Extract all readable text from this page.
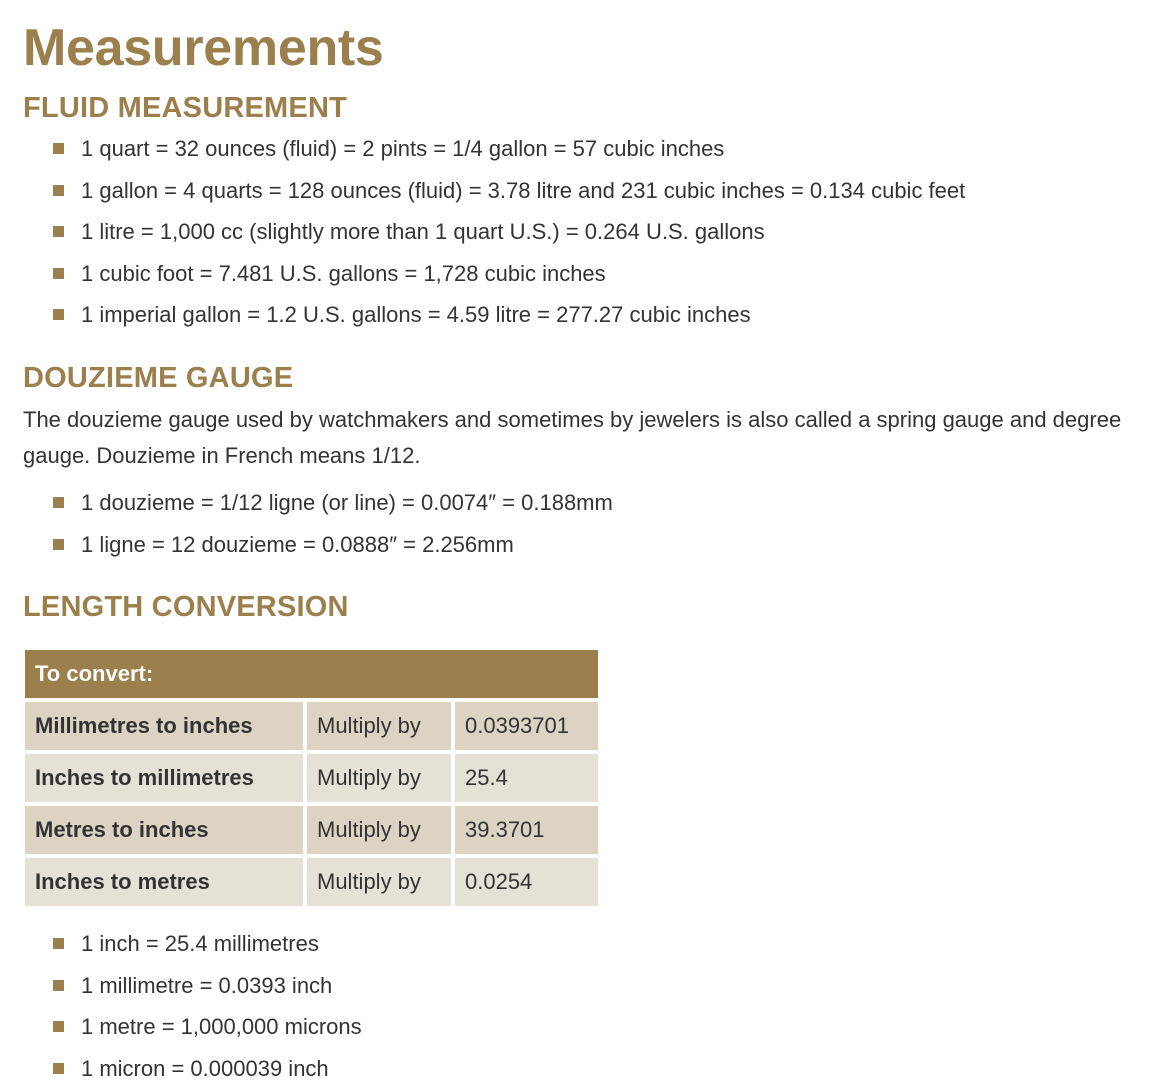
Measurements
FLUID MEASUREMENT
1 quart = 32 ounces (fluid) = 2 pints = 1/4 gallon = 57 cubic inches
1 gallon = 4 quarts = 128 ounces (fluid) = 3.78 litre and 231 cubic inches = 0.134 cubic feet
1 litre = 1,000 cc (slightly more than 1 quart U.S.) = 0.264 U.S. gallons
1 cubic foot = 7.481 U.S. gallons = 1,728 cubic inches
1 imperial gallon = 1.2 U.S. gallons = 4.59 litre = 277.27 cubic inches
DOUZIEME GAUGE

The douzieme gauge used by watchmakers and sometimes by jewelers is also called a spring gauge and degree gauge. Douzieme in French means 1/12.

1 douzieme = 1/12 ligne (or line) = 0.0074″ = 0.188mm
1 ligne = 12 douzieme = 0.0888″ = 2.256mm
LENGTH CONVERSION
To convert:		
Millimetres to inches	Multiply by	0.0393701
Inches to millimetres	Multiply by	25.4
Metres to inches	Multiply by	39.3701
Inches to metres	Multiply by	0.0254
1 inch = 25.4 millimetres
1 millimetre = 0.0393 inch
1 metre = 1,000,000 microns
1 micron = 0.000039 inch
